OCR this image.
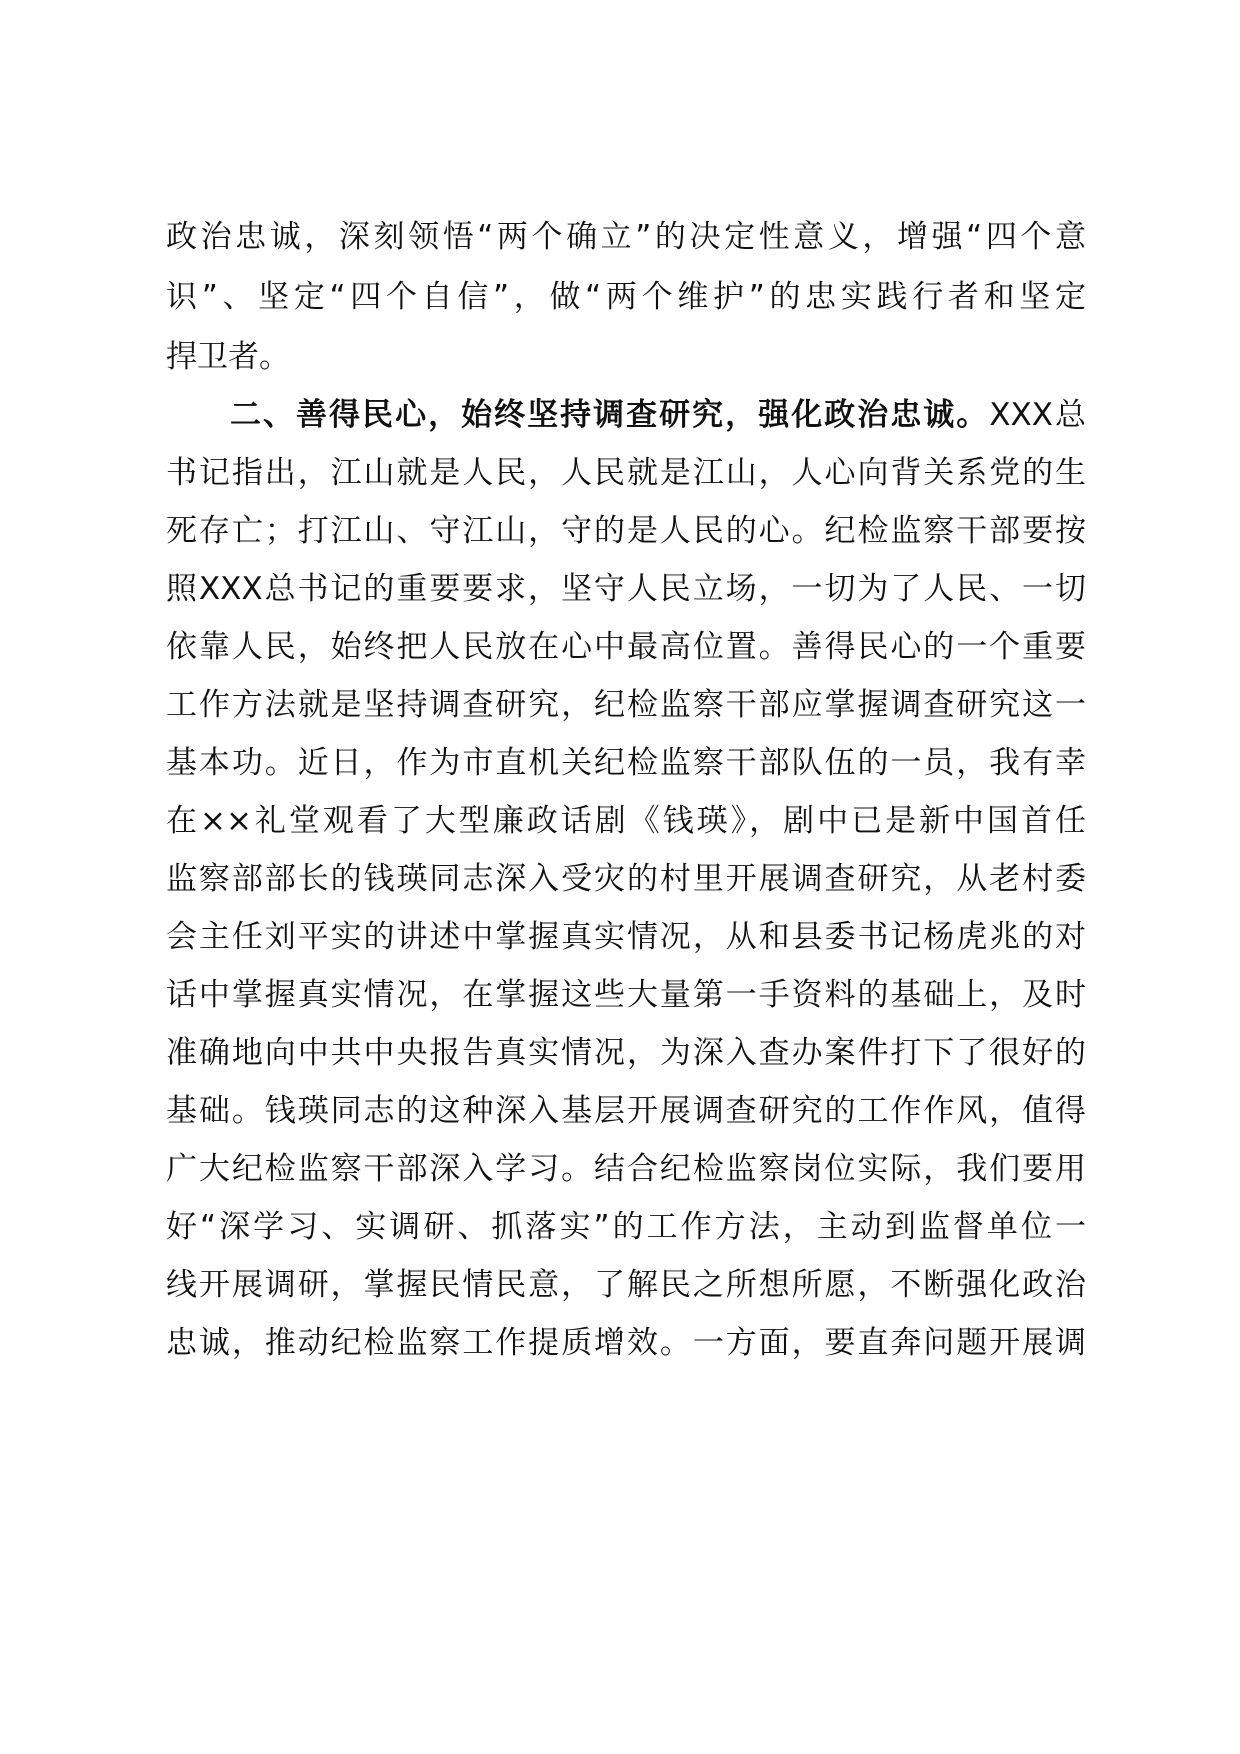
政治忠诚，深刻领悟“两个确立”的决定性意义，增强“四个意
识”、坚定“四个自信”，做“两个维护”的忠实践行者和坚定
捍卫者。
二、善得民心，始终坚持调查研究，强化政治忠诚。XXX总
书记指出，江山就是人民，人民就是江山，人心向背关系党的生
死存亡；打江山、守江山，守的是人民的心。纪检监察干部要按
照XXX总书记的重要要求，坚守人民立场，一切为了人民、一切
依靠人民，始终把人民放在心中最高位置。善得民心的一个重要
工作方法就是坚持调查研究，纪检监察干部应掌握调查研究这一
基本功。近日，作为市直机关纪检监察干部队伍的一员，我有幸
在××礼堂观看了大型廉政话剧《钱瑛》，剧中已是新中国首任
监察部部长的钱瑛同志深入受灾的村里开展调查研究，从老村委
会主任刘平实的讲述中掌握真实情况，从和县委书记杨虎兆的对
话中掌握真实情况，在掌握这些大量第一手资料的基础上，及时
准确地向中共中央报告真实情况，为深入查办案件打下了很好的
基础。钱瑛同志的这种深入基层开展调查研究的工作作风，值得
广大纪检监察干部深入学习。结合纪检监察岗位实际，我们要用
好“深学习、实调研、抓落实”的工作方法，主动到监督单位一
线开展调研，掌握民情民意，了解民之所想所愿，不断强化政治
忠诚，推动纪检监察工作提质增效。一方面，要直奔问题开展调
